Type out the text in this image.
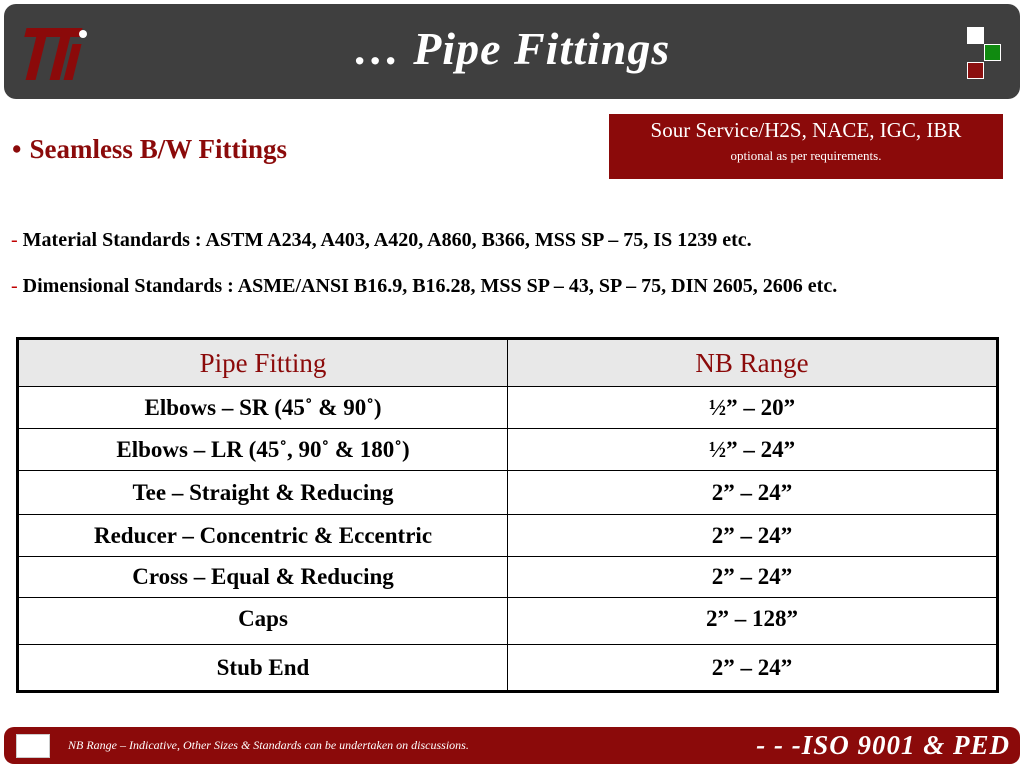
… Pipe Fittings
• Seamless B/W Fittings
Sour Service/H2S, NACE, IGC, IBR
optional as per requirements.
- Material Standards : ASTM A234, A403, A420, A860, B366, MSS SP – 75, IS 1239 etc.
- Dimensional Standards : ASME/ANSI B16.9, B16.28, MSS SP – 43, SP – 75, DIN 2605, 2606 etc.
Pipe Fitting	NB Range
Elbows – SR (45˚ & 90˚)	½” – 20”
Elbows – LR (45˚, 90˚ & 180˚)	½” – 24”
Tee – Straight & Reducing	2” – 24”
Reducer – Concentric & Eccentric	2” – 24”
Cross – Equal & Reducing	2” – 24”
Caps	2” – 128”
Stub End	2” – 24”
NB Range – Indicative, Other Sizes & Standards can be undertaken on discussions.	- - -ISO 9001 & PED
